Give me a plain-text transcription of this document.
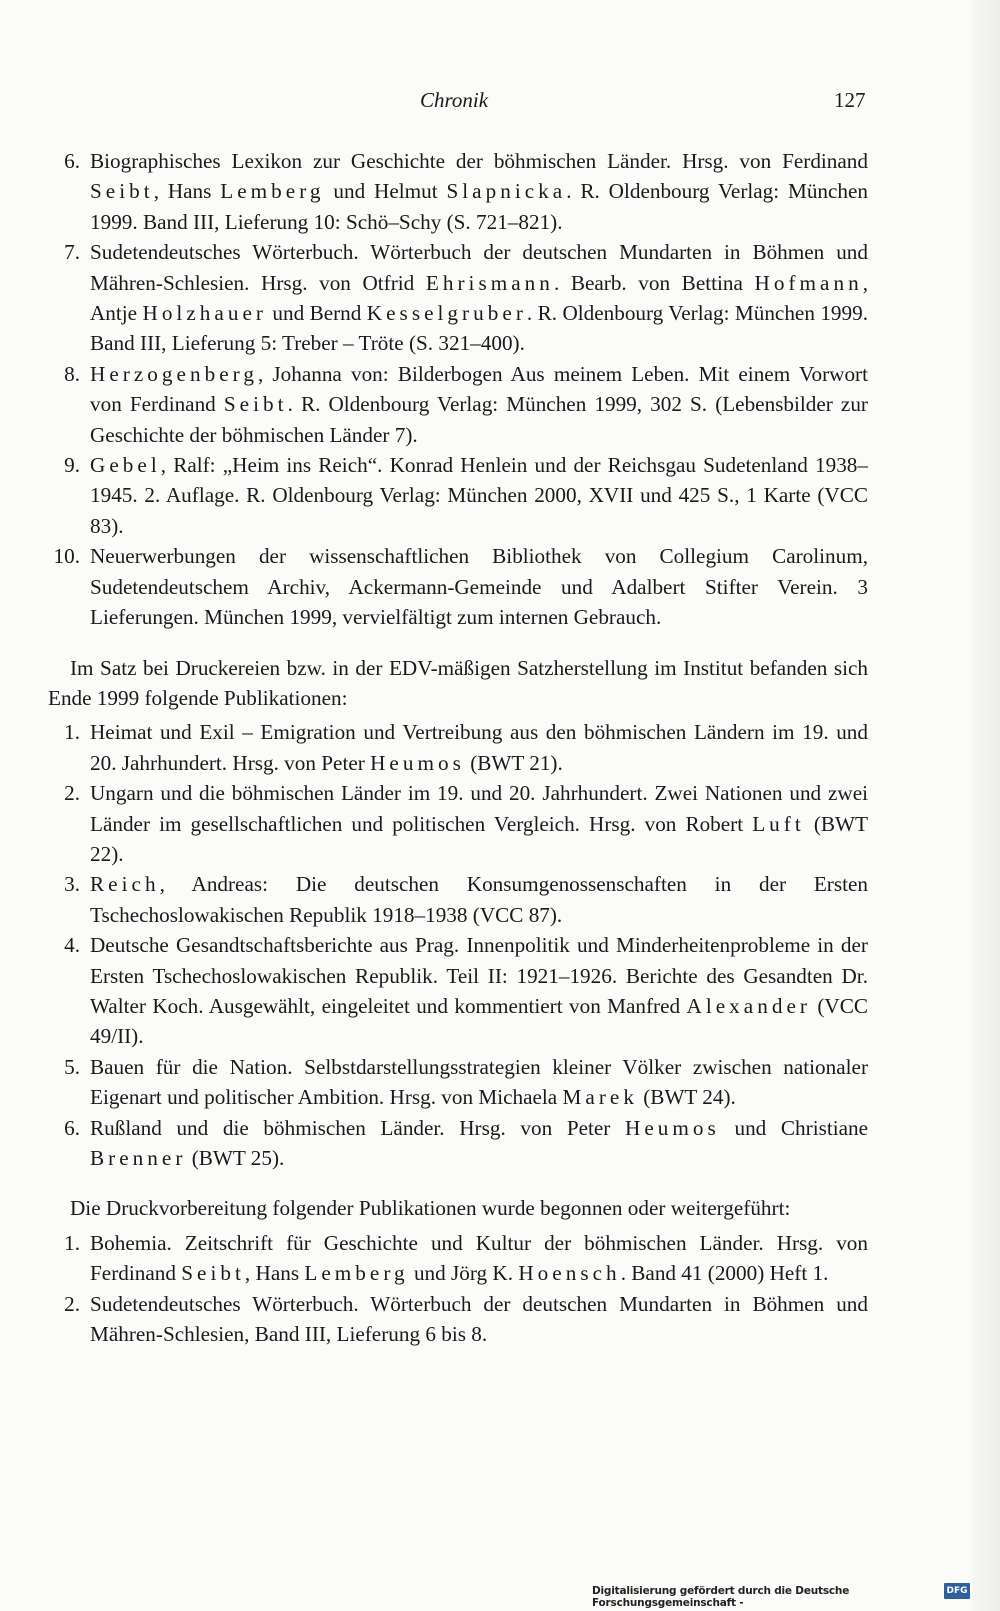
Chronik	127
6. Biographisches Lexikon zur Geschichte der böhmischen Länder. Hrsg. von Ferdinand Seibt, Hans Lemberg und Helmut Slapnicka. R. Oldenbourg Verlag: München 1999. Band III, Lieferung 10: Schö–Schy (S. 721–821).
7. Sudetendeutsches Wörterbuch. Wörterbuch der deutschen Mundarten in Böhmen und Mähren-Schlesien. Hrsg. von Otfrid Ehrismann. Bearb. von Bettina Hofmann, Antje Holzhauer und Bernd Kesselgruber. R. Oldenbourg Verlag: München 1999. Band III, Lieferung 5: Treber – Tröte (S. 321–400).
8. Herzogenberg, Johanna von: Bilderbogen Aus meinem Leben. Mit einem Vorwort von Ferdinand Seibt. R. Oldenbourg Verlag: München 1999, 302 S. (Lebensbilder zur Geschichte der böhmischen Länder 7).
9. Gebel, Ralf: „Heim ins Reich“. Konrad Henlein und der Reichsgau Sudetenland 1938–1945. 2. Auflage. R. Oldenbourg Verlag: München 2000, XVII und 425 S., 1 Karte (VCC 83).
10. Neuerwerbungen der wissenschaftlichen Bibliothek von Collegium Carolinum, Sudetendeutschem Archiv, Ackermann-Gemeinde und Adalbert Stifter Verein. 3 Lieferungen. München 1999, vervielfältigt zum internen Gebrauch.

Im Satz bei Druckereien bzw. in der EDV-mäßigen Satzherstellung im Institut befanden sich Ende 1999 folgende Publikationen:

1. Heimat und Exil – Emigration und Vertreibung aus den böhmischen Ländern im 19. und 20. Jahrhundert. Hrsg. von Peter Heumos (BWT 21).
2. Ungarn und die böhmischen Länder im 19. und 20. Jahrhundert. Zwei Nationen und zwei Länder im gesellschaftlichen und politischen Vergleich. Hrsg. von Robert Luft (BWT 22).
3. Reich, Andreas: Die deutschen Konsumgenossenschaften in der Ersten Tschechoslowakischen Republik 1918–1938 (VCC 87).
4. Deutsche Gesandtschaftsberichte aus Prag. Innenpolitik und Minderheitenprobleme in der Ersten Tschechoslowakischen Republik. Teil II: 1921–1926. Berichte des Gesandten Dr. Walter Koch. Ausgewählt, eingeleitet und kommentiert von Manfred Alexander (VCC 49/II).
5. Bauen für die Nation. Selbstdarstellungsstrategien kleiner Völker zwischen nationaler Eigenart und politischer Ambition. Hrsg. von Michaela Marek (BWT 24).
6. Rußland und die böhmischen Länder. Hrsg. von Peter Heumos und Christiane Brenner (BWT 25).

Die Druckvorbereitung folgender Publikationen wurde begonnen oder weitergeführt:

1. Bohemia. Zeitschrift für Geschichte und Kultur der böhmischen Länder. Hrsg. von Ferdinand Seibt, Hans Lemberg und Jörg K. Hoensch. Band 41 (2000) Heft 1.
2. Sudetendeutsches Wörterbuch. Wörterbuch der deutschen Mundarten in Böhmen und Mähren-Schlesien, Band III, Lieferung 6 bis 8.
Digitalisierung gefördert durch die Deutsche Forschungsgemeinschaft -
DFG
